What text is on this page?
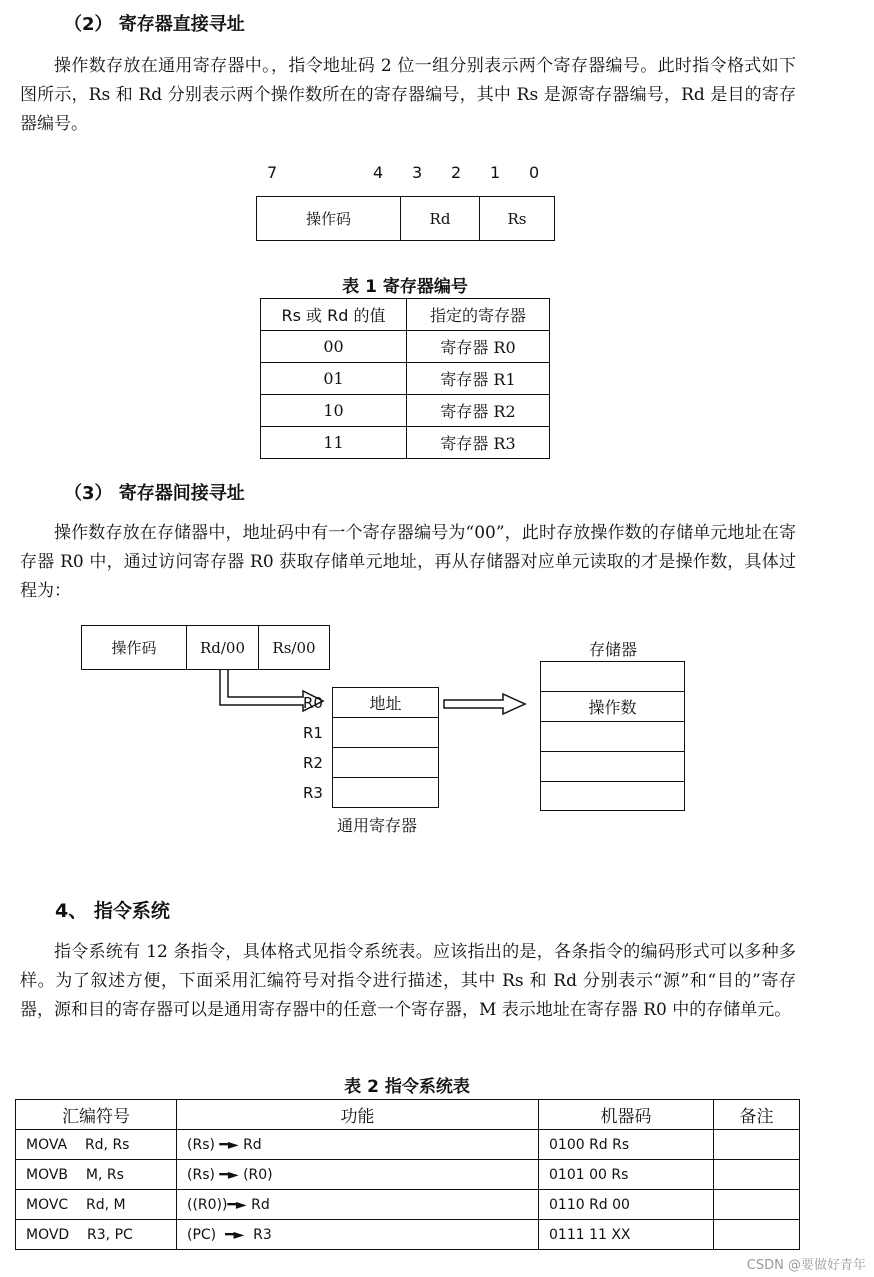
（2） 寄存器直接寻址

操作数存放在通用寄存器中。，指令地址码 2 位一组分别表示两个寄存器编号。此时指令格式如下图所示，Rs 和 Rd 分别表示两个操作数所在的寄存器编号，其中 Rs 是源寄存器编号，Rd 是目的寄存器编号。

7	4 3 2 1 0
操作码	Rd	Rs
表 1 寄存器编号
Rs 或 Rd 的值	指定的寄存器
00	寄存器 R0
01	寄存器 R1
10	寄存器 R2
11	寄存器 R3
（3） 寄存器间接寻址

操作数存放在存储器中，地址码中有一个寄存器编号为“00”，此时存放操作数的存储单元地址在寄存器 R0 中，通过访问寄存器 R0 获取存储单元地址，再从存储器对应单元读取的才是操作数，具体过程为：

操作码	Rd/00	Rs/00
R0
R1
R2
R3
地址
通用寄存器
存储器
操作数
4、 指令系统

指令系统有 12 条指令，具体格式见指令系统表。应该指出的是，各条指令的编码形式可以多种多样。为了叙述方便，下面采用汇编符号对指令进行描述，其中 Rs 和 Rd 分别表示“源”和“目的”寄存器，源和目的寄存器可以是通用寄存器中的任意一个寄存器，M 表示地址在寄存器 R0 中的存储单元。

表 2 指令系统表
汇编符号	功能	机器码	备注
MOVA Rd, Rs	(Rs) ━► Rd	0100 Rd Rs	
MOVB M, Rs	(Rs) ━► (R0)	0101 00 Rs	
MOVC Rd, M	((R0))━► Rd	0110 Rd 00	
MOVD R3, PC	(PC) ━► R3	0111 11 XX	
CSDN @要做好青年
